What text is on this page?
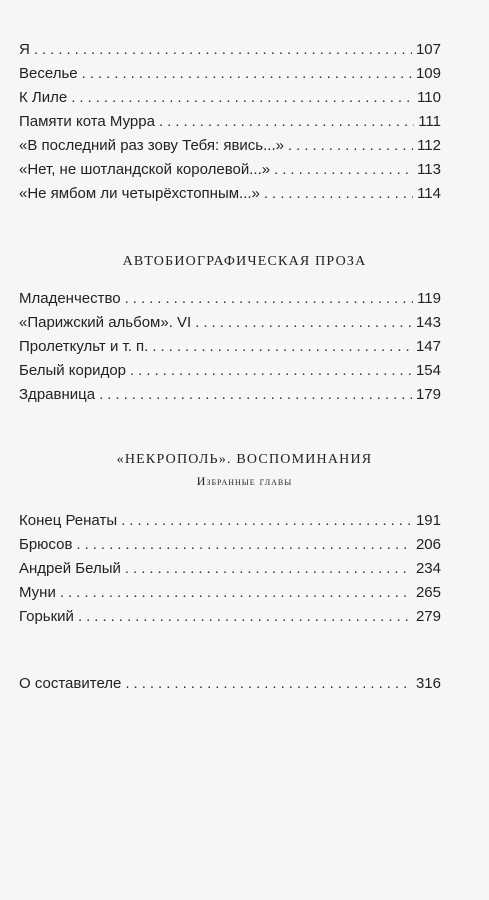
Я .....	107
Веселье .....	109
К Лиле .....	110
Памяти кота Мурра .....	111
«В последний раз зову Тебя: явись...» .....	112
«Нет, не шотландской королевой...» .....	113
«Не ямбом ли четырёхстопным...» .....	114
АВТОБИОГРАФИЧЕСКАЯ ПРОЗА
Младенчество .....	119
«Парижский альбом». VI .....	143
Пролеткульт и т. п. .....	147
Белый коридор .....	154
Здравница .....	179
«НЕКРОПОЛЬ». ВОСПОМИНАНИЯ
Избранные главы
Конец Ренаты .....	191
Брюсов .....	206
Андрей Белый .....	234
Муни .....	265
Горький .....	279
О составителе .....	316
